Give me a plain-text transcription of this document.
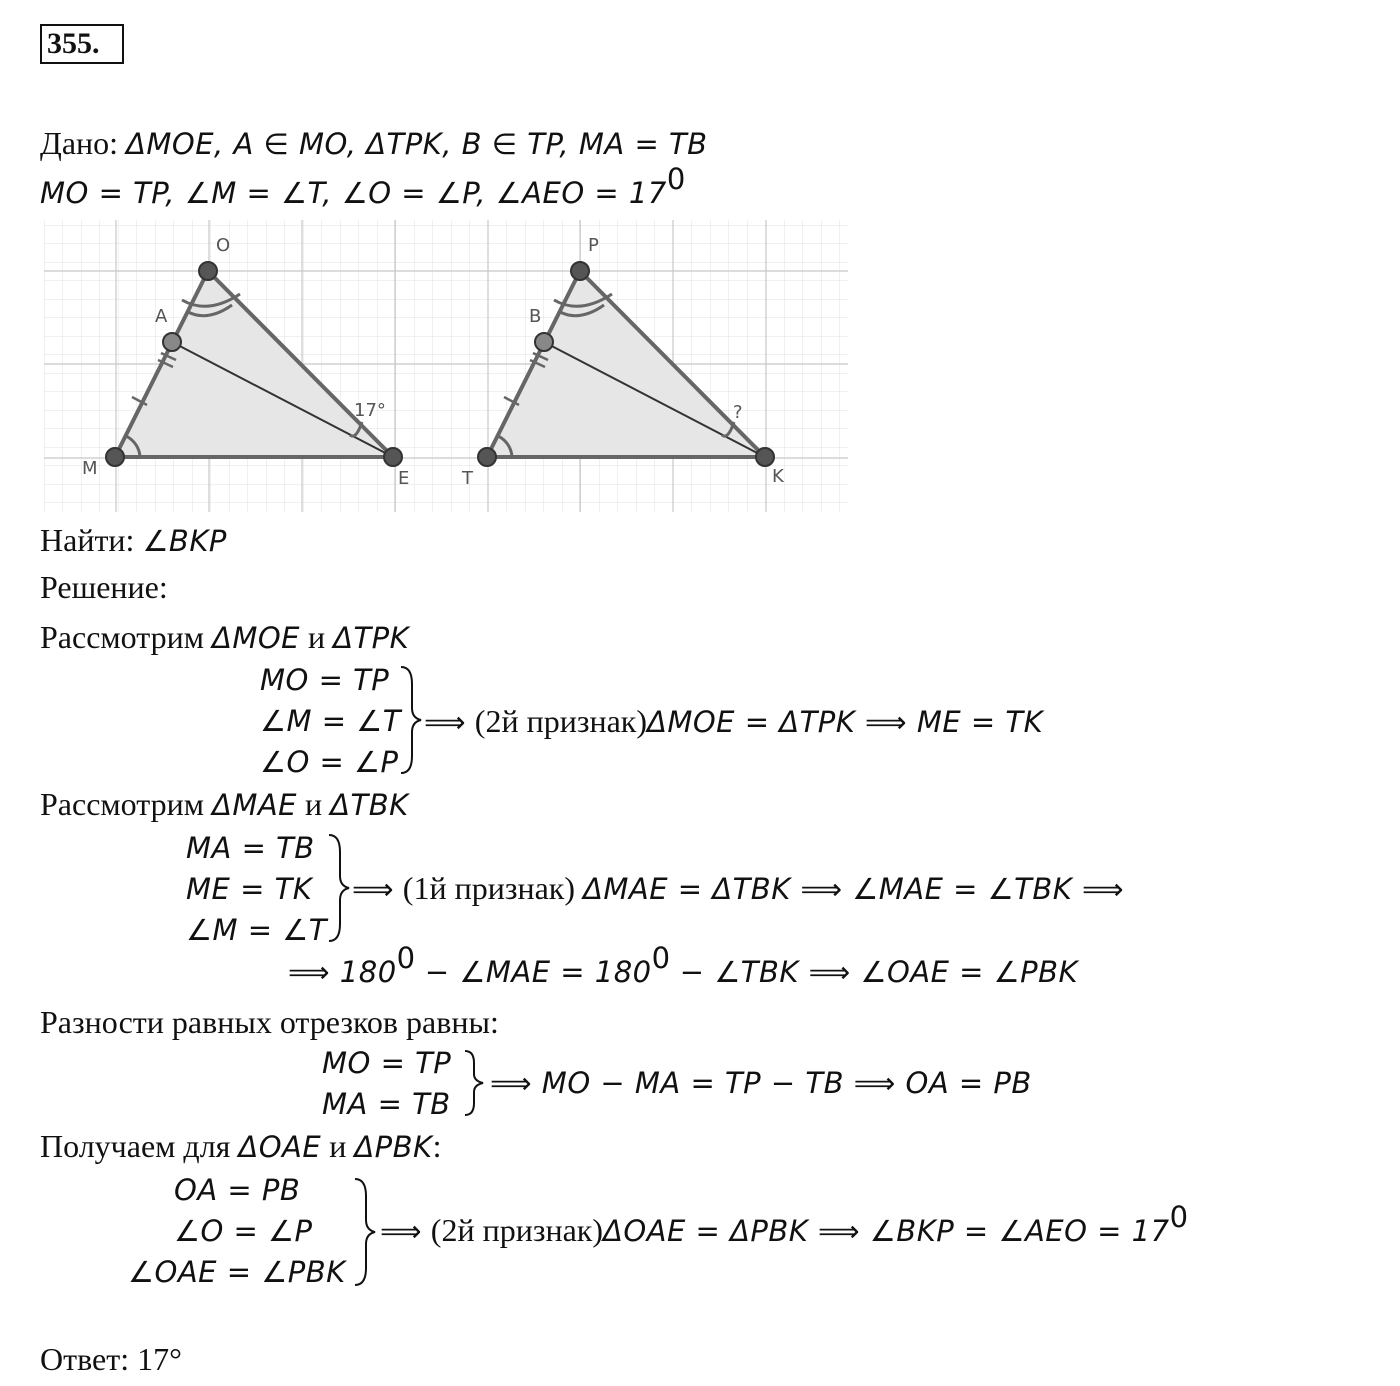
355.
Дано: ΔMOE, A ∈ MO, ΔTPK, B ∈ TP, MA = TB
MO = TP, ∠M = ∠T, ∠O = ∠P, ∠AEO = $17^0$
M
O
A
E
17°
T
P
B
K
?
Найти: ∠BKP
Решение:
Рассмотрим ΔMOE и ΔTPK
MO = TP
∠M = ∠T
∠O = ∠P
⟹ (2й признак)ΔMOE = ΔTPK ⟹ ME = TK
Рассмотрим ΔMAE и ΔTBK
MA = TB
ME = TK
∠M = ∠T
⟹ (1й признак) ΔMAE = ΔTBK ⟹ ∠MAE = ∠TBK ⟹
⟹ $180^0$ − ∠MAE = $180^0$ − ∠TBK ⟹ ∠OAE = ∠PBK
Разности равных отрезков равны:
MO = TP
MA = TB
⟹ MO − MA = TP − TB ⟹ OA = PB
Получаем для ΔOAE и ΔPBK:
OA = PB
∠O = ∠P
∠OAE = ∠PBK
⟹ (2й признак)ΔOAE = ΔPBK ⟹ ∠BKP = ∠AEO = $17^0$
Ответ: 17°
